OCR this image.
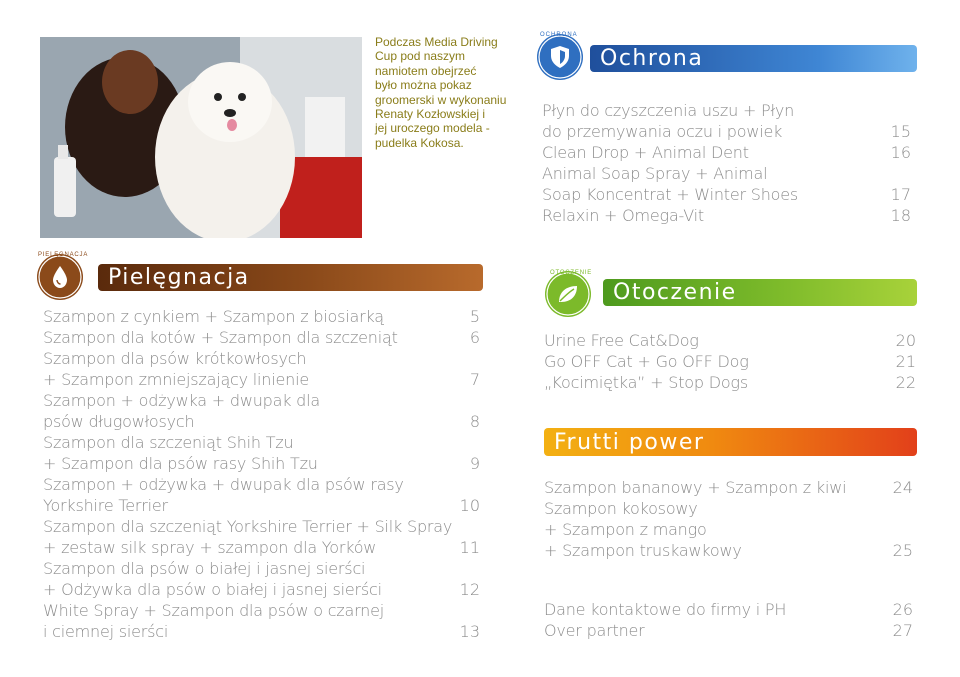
Podczas Media Driving
Cup pod naszym
namiotem obejrzeć
było można pokaz
groomerski w wykonaniu
Renaty Kozłowskiej i
jej uroczego modela -
pudelka Kokosa.
Ochrona
OCHRONA
Płyn do czyszczenia uszu + Płyn
do przemywania oczu i powiek	15
Clean Drop + Animal Dent	16
Animal Soap Spray + Animal
Soap Koncentrat + Winter Shoes	17
Relaxin + Omega-Vit	18
Pielęgnacja
PIELĘGNACJA
Szampon z cynkiem + Szampon z biosiarką	5
Szampon dla kotów + Szampon dla szczeniąt	6
Szampon dla psów krótkowłosych
+ Szampon zmniejszający linienie	7
Szampon + odżywka + dwupak dla
psów długowłosych	8
Szampon dla szczeniąt Shih Tzu
+ Szampon dla psów rasy Shih Tzu	9
Szampon + odżywka + dwupak dla psów rasy
Yorkshire Terrier	10
Szampon dla szczeniąt Yorkshire Terrier + Silk Spray
+ zestaw silk spray + szampon dla Yorków	11
Szampon dla psów o białej i jasnej sierści
+ Odżywka dla psów o białej i jasnej sierści	12
White Spray + Szampon dla psów o czarnej
i ciemnej sierści	13
Otoczenie
OTOCZENIE
Urine Free Cat&Dog	20
Go OFF Cat + Go OFF Dog	21
„Kocimiętka” + Stop Dogs	22
Frutti power
Szampon bananowy + Szampon z kiwi	24
Szampon kokosowy
+ Szampon z mango
+ Szampon truskawkowy	25
Dane kontaktowe do firmy i PH	26
Over partner	27
